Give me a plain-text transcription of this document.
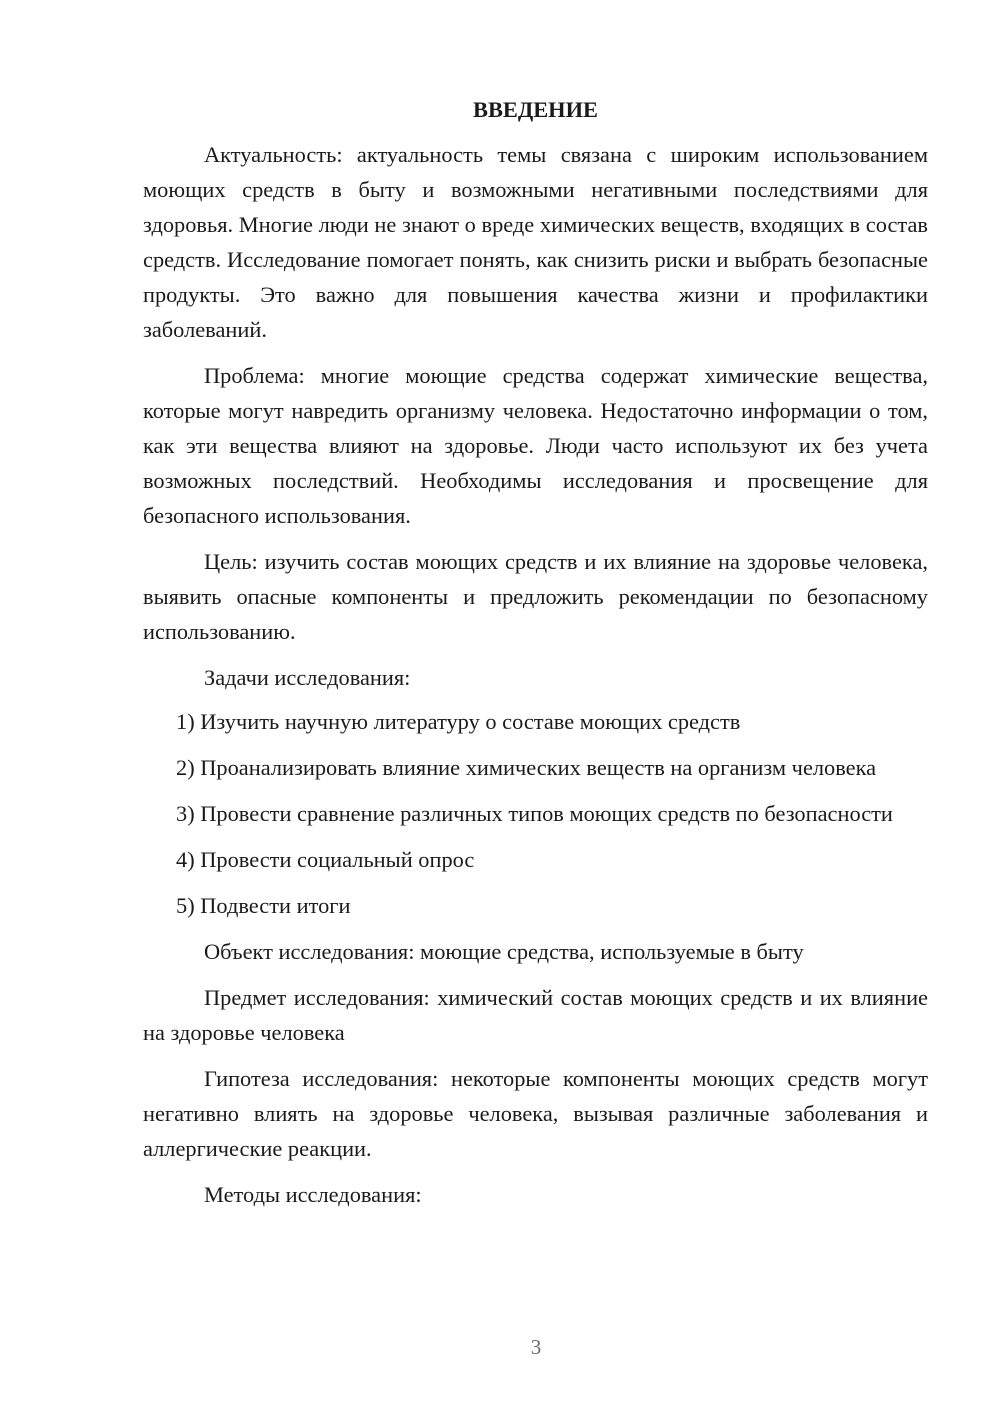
ВВЕДЕНИЕ

Актуальность: актуальность темы связана с широким использованием моющих средств в быту и возможными негативными последствиями для здоровья. Многие люди не знают о вреде химических веществ, входящих в состав средств. Исследование помогает понять, как снизить риски и выбрать безопасные продукты. Это важно для повышения качества жизни и профилактики заболеваний.

Проблема: многие моющие средства содержат химические вещества, которые могут навредить организму человека. Недостаточно информации о том, как эти вещества влияют на здоровье. Люди часто используют их без учета возможных последствий. Необходимы исследования и просвещение для безопасного использования.

Цель: изучить состав моющих средств и их влияние на здоровье человека, выявить опасные компоненты и предложить рекомендации по безопасному использованию.

Задачи исследования:

1) Изучить научную литературу о составе моющих средств

2) Проанализировать влияние химических веществ на организм человека

3) Провести сравнение различных типов моющих средств по безопасности

4) Провести социальный опрос

5) Подвести итоги

Объект исследования: моющие средства, используемые в быту

Предмет исследования: химический состав моющих средств и их влияние на здоровье человека

Гипотеза исследования: некоторые компоненты моющих средств могут негативно влиять на здоровье человека, вызывая различные заболевания и аллергические реакции.

Методы исследования:

3
